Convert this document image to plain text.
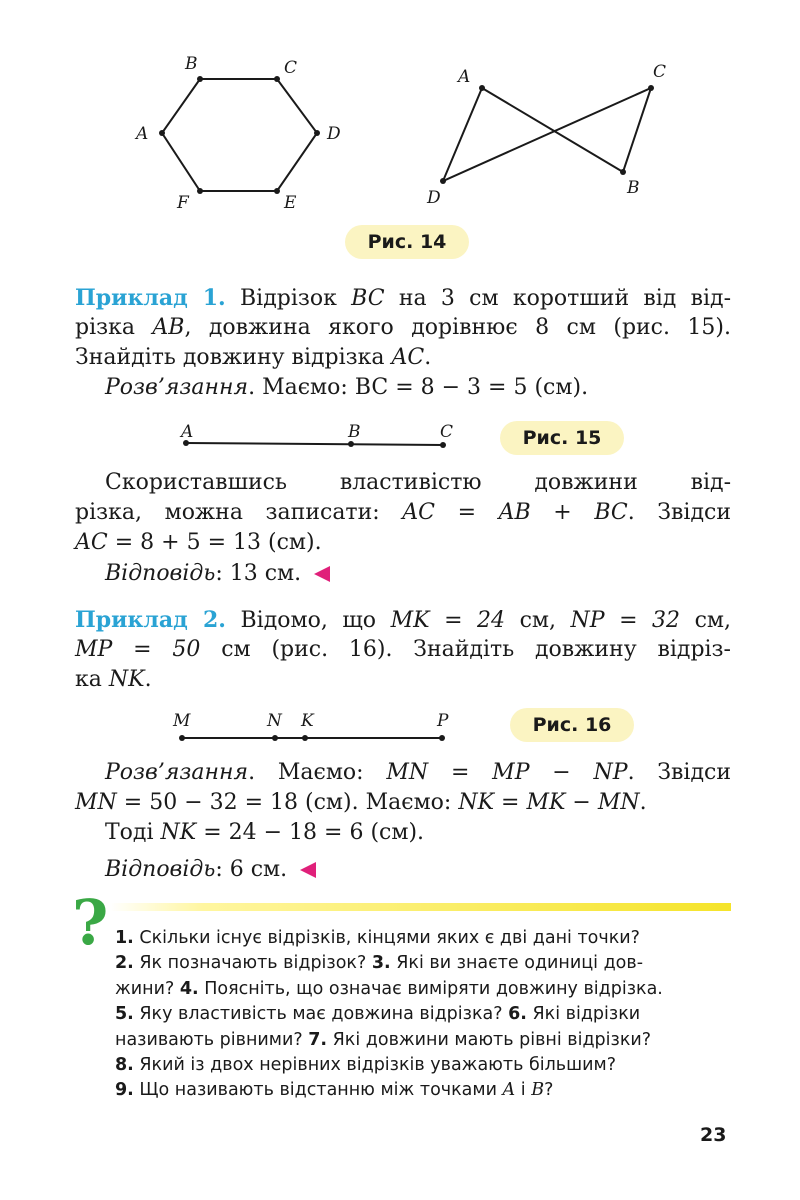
A
B	C
D
E
F
A
B
C
D
Рис. 14
Приклад 1. Відрізок BC на 3 см коротший від від-
різка AB, довжина якого дорівнює 8 см (рис. 15).
Знайдіть довжину відрізка AC.
Розв’язання. Маємо: BC = 8 − 3 = 5 (см).
A	B	C	Рис. 15
Скориставшись властивістю довжини від-
різка, можна записати: AC = AB + BC. Звідси
AC = 8 + 5 = 13 (см).
Відповідь: 13 см.
Приклад 2. Відомо, що MK = 24 см, NP = 32 см,
MP = 50 см (рис. 16). Знайдіть довжину відріз-
ка NK.
M	N K	P	Рис. 16
Розв’язання. Маємо: MN = MP − NP. Звідси
MN = 50 − 32 = 18 (см). Маємо: NK = MK − MN.
Тоді NK = 24 − 18 = 6 (см).
Відповідь: 6 см.
? 1. Скільки існує відрізків, кінцями яких є дві дані точки?
2. Як позначають відрізок? 3. Які ви знаєте одиниці дов-
жини? 4. Поясніть, що означає виміряти довжину відрізка.
5. Яку властивість має довжина відрізка? 6. Які відрізки
називають рівними? 7. Які довжини мають рівні відрізки?
8. Який із двох нерівних відрізків уважають більшим?
9. Що називають відстанню між точками A і B?
23
